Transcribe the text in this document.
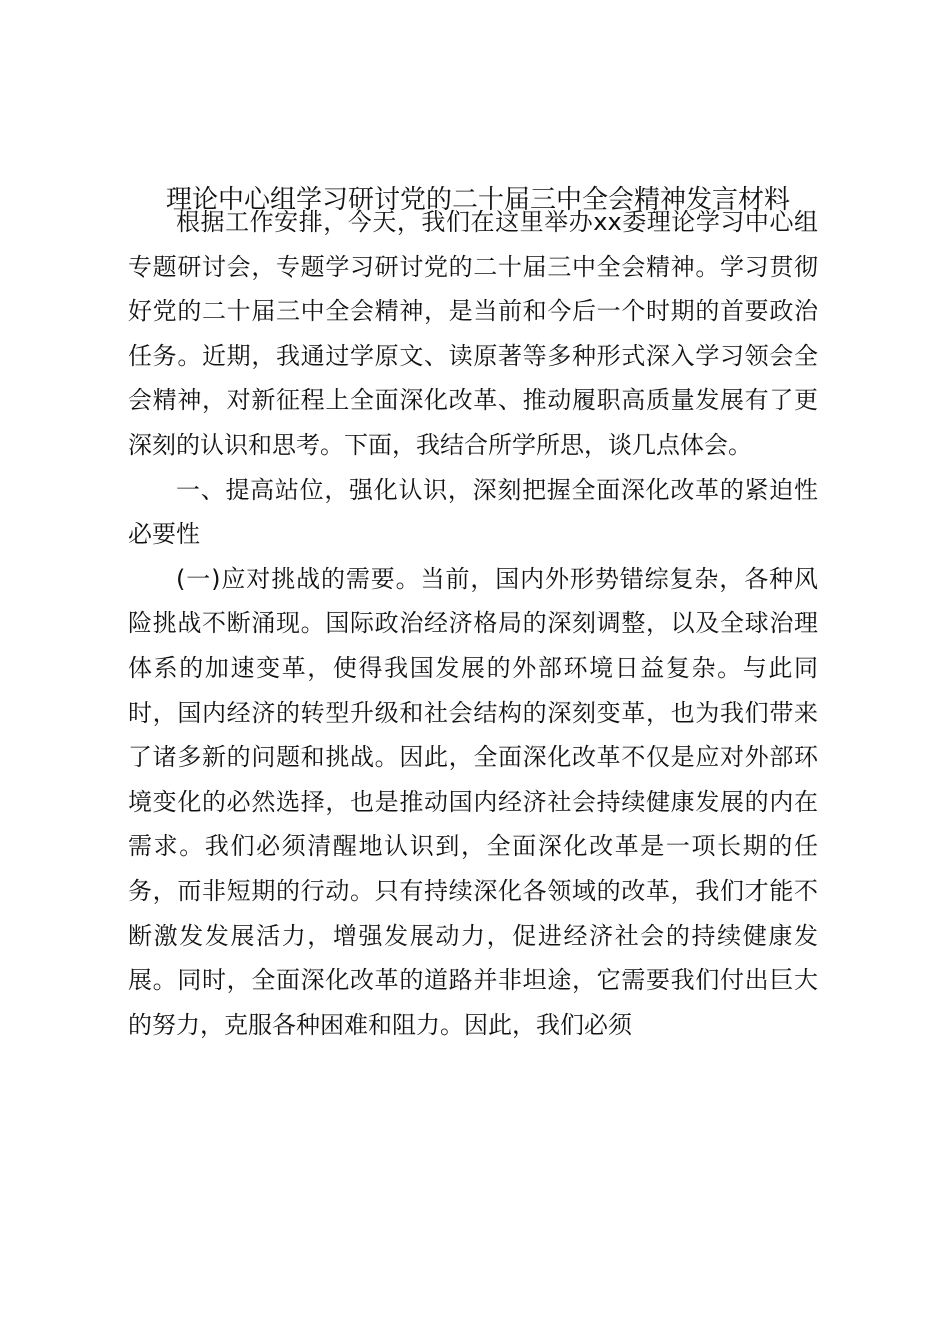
理论中心组学习研讨党的二十届三中全会精神发言材料

根据工作安排，今天，我们在这里举办xx委理论学习中心组专题研讨会，专题学习研讨党的二十届三中全会精神。学习贯彻好党的二十届三中全会精神，是当前和今后一个时期的首要政治任务。近期，我通过学原文、读原著等多种形式深入学习领会全会精神，对新征程上全面深化改革、推动履职高质量发展有了更深刻的认识和思考。下面，我结合所学所思，谈几点体会。

一、提高站位，强化认识，深刻把握全面深化改革的紧迫性必要性

(一)应对挑战的需要。当前，国内外形势错综复杂，各种风险挑战不断涌现。国际政治经济格局的深刻调整，以及全球治理体系的加速变革，使得我国发展的外部环境日益复杂。与此同时，国内经济的转型升级和社会结构的深刻变革，也为我们带来了诸多新的问题和挑战。因此，全面深化改革不仅是应对外部环境变化的必然选择，也是推动国内经济社会持续健康发展的内在需求。我们必须清醒地认识到，全面深化改革是一项长期的任务，而非短期的行动。只有持续深化各领域的改革，我们才能不断激发发展活力，增强发展动力，促进经济社会的持续健康发展。同时，全面深化改革的道路并非坦途，它需要我们付出巨大的努力，克服各种困难和阻力。因此，我们必须
